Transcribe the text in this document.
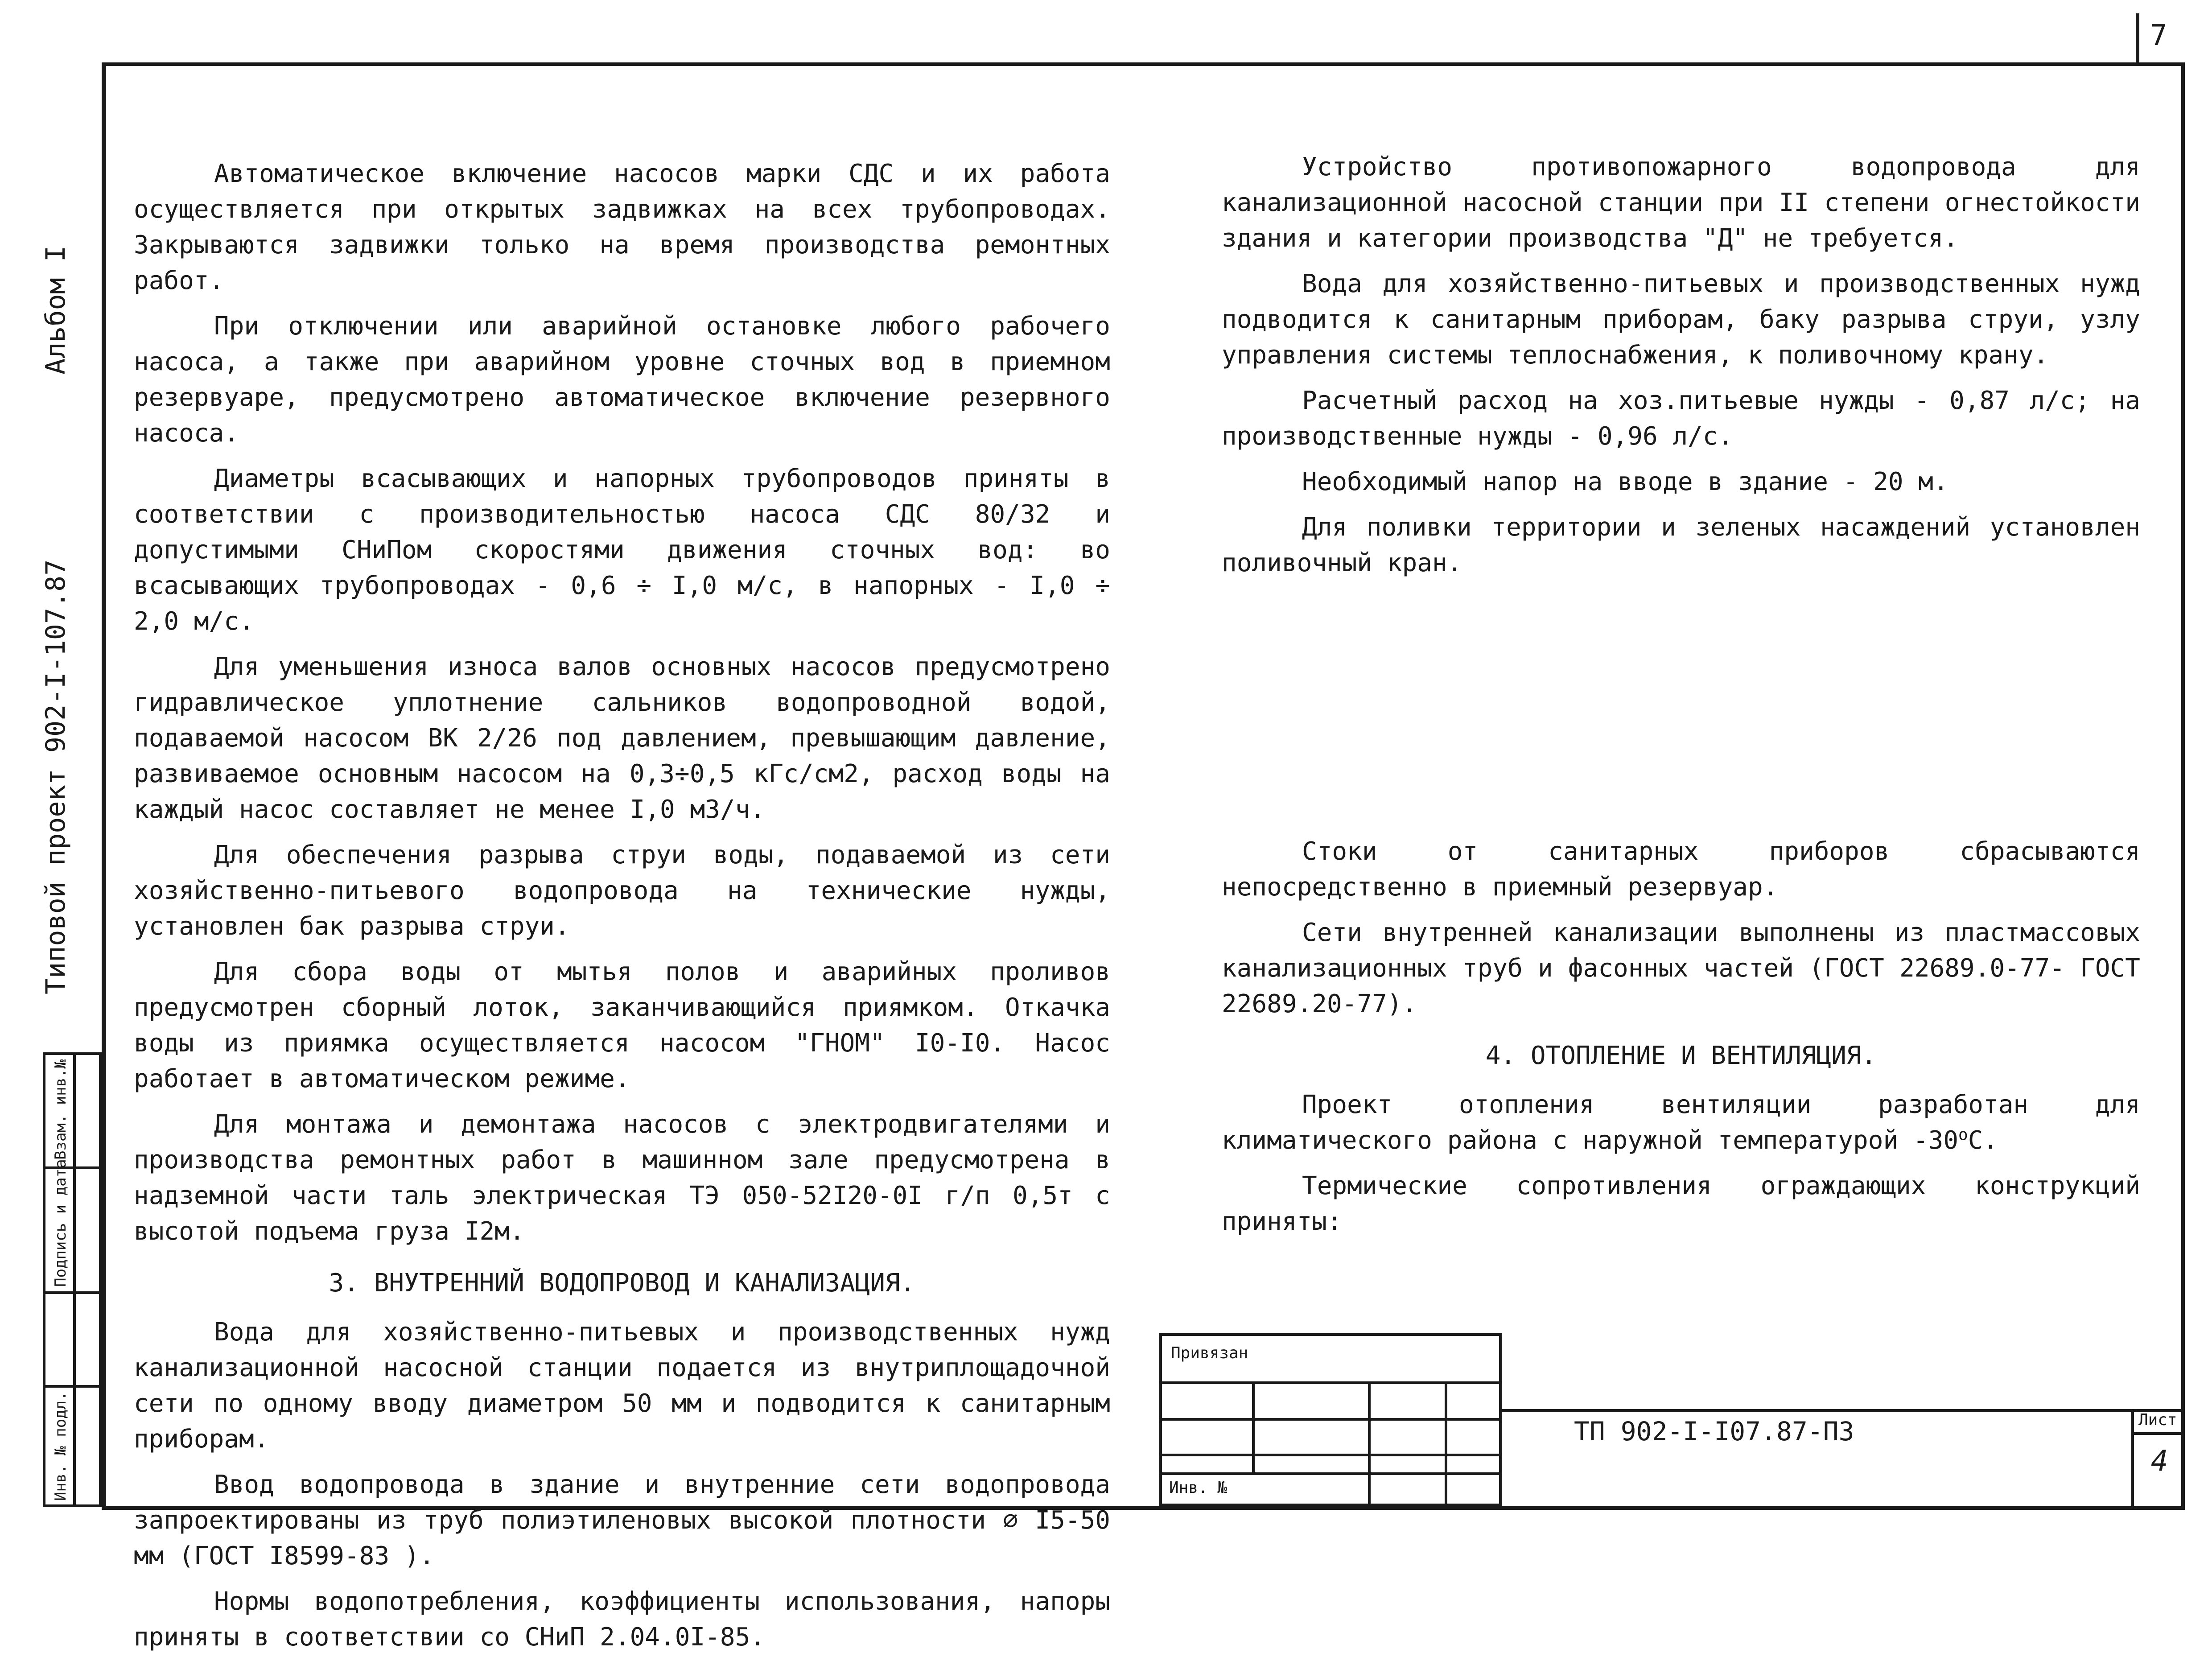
7
Альбом I
Типовой проект 902-I-107.87
Взам. инв.№
Подпись и дата
Инв. № подл.

Автоматическое включение насосов марки СДС и их работа осуществляется при открытых задвижках на всех трубопроводах. Закрываются задвижки только на время производства ремонтных работ.

При отключении или аварийной остановке любого рабочего насоса, а также при аварийном уровне сточных вод в приемном резервуаре, предусмотрено автоматическое включение резервного насоса.

Диаметры всасывающих и напорных трубопроводов приняты в соответствии с производительностью насоса СДС 80/32 и допустимыми СНиПом скоростями движения сточных вод: во всасывающих трубопроводах - 0,6 ÷ I,0 м/с, в напорных - I,0 ÷ 2,0 м/с.

Для уменьшения износа валов основных насосов предусмотрено гидравлическое уплотнение сальников водопроводной водой, подаваемой насосом ВК 2/26 под давлением, превышающим давление, развиваемое основным насосом на 0,3÷0,5 кГс/см2, расход воды на каждый насос составляет не менее I,0 м3/ч.

Для обеспечения разрыва струи воды, подаваемой из сети хозяйственно-питьевого водопровода на технические нужды, установлен бак разрыва струи.

Для сбора воды от мытья полов и аварийных проливов предусмотрен сборный лоток, заканчивающийся приямком. Откачка воды из приямка осуществляется насосом "ГНОМ" I0-I0. Насос работает в автоматическом режиме.

Для монтажа и демонтажа насосов с электродвигателями и производства ремонтных работ в машинном зале предусмотрена в надземной части таль электрическая ТЭ 050-52I20-0I г/п 0,5т с высотой подъема груза I2м.

3. ВНУТРЕННИЙ ВОДОПРОВОД И КАНАЛИЗАЦИЯ.

Вода для хозяйственно-питьевых и производственных нужд канализационной насосной станции подается из внутриплощадочной сети по одному вводу диаметром 50 мм и подводится к санитарным приборам.

Ввод водопровода в здание и внутренние сети водопровода запроектированы из труб полиэтиленовых высокой плотности ∅ I5-50 мм (ГОСТ I8599-83 ).

Нормы водопотребления, коэффициенты использования, напоры приняты в соответствии со СНиП 2.04.0I-85.

Устройство противопожарного водопровода для канализационной насосной станции при II степени огнестойкости здания и категории производства "Д" не требуется.

Вода для хозяйственно-питьевых и производственных нужд подводится к санитарным приборам, баку разрыва струи, узлу управления системы теплоснабжения, к поливочному крану.

Расчетный расход на хоз.питьевые нужды - 0,87 л/с; на производственные нужды - 0,96 л/с.

Необходимый напор на вводе в здание - 20 м.

Для поливки территории и зеленых насаждений установлен поливочный кран.

Стоки от санитарных приборов сбрасываются непосредственно в приемный резервуар.

Сети внутренней канализации выполнены из пластмассовых канализационных труб и фасонных частей (ГОСТ 22689.0-77- ГОСТ 22689.20-77).

4. ОТОПЛЕНИЕ И ВЕНТИЛЯЦИЯ.

Проект отопления вентиляции разработан для климатического района с наружной температурой $-30^оС$.

Термические сопротивления ограждающих конструкций приняты:

Привязан
Инв. №
ТП 902-I-I07.87-ПЗ	Лист
4
